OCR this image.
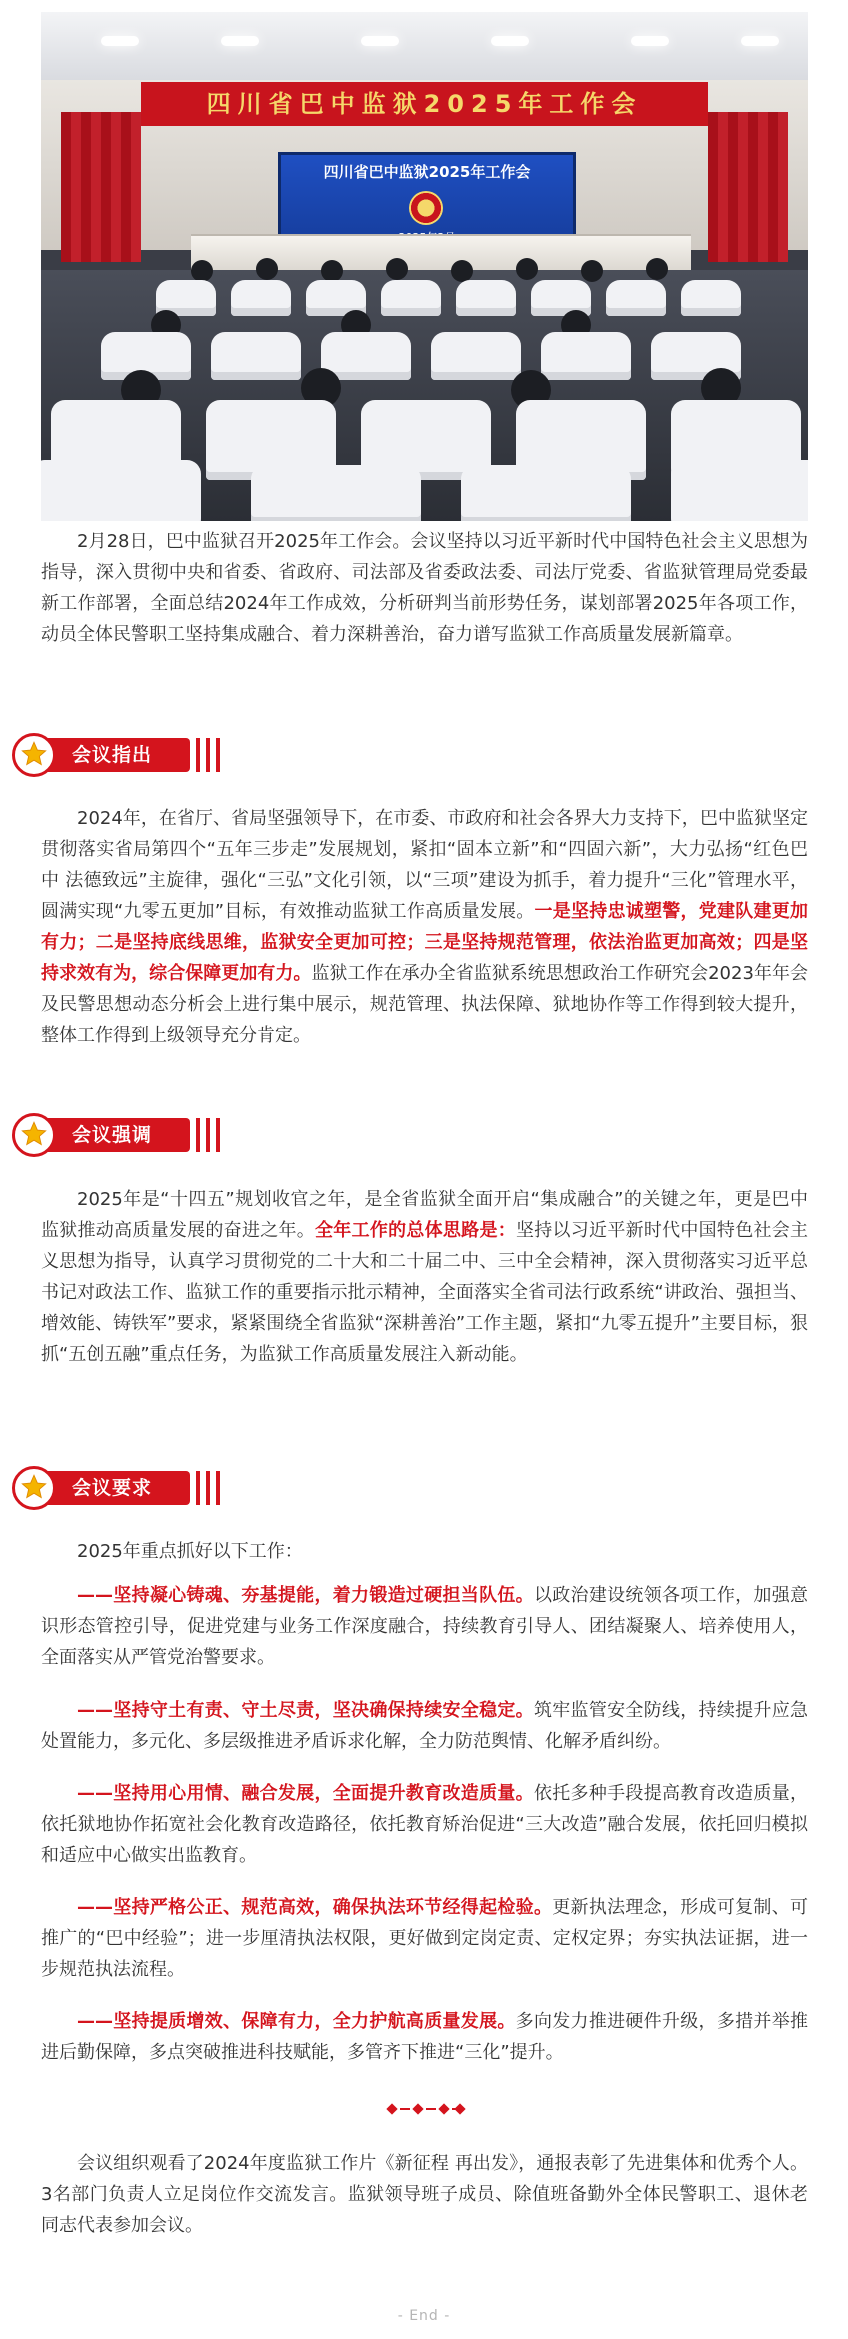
四川省巴中监狱2025年工作会
四川省巴中监狱2025年工作会

2月28日，巴中监狱召开2025年工作会。会议坚持以习近平新时代中国特色社会主义思想为指导，深入贯彻中央和省委、省政府、司法部及省委政法委、司法厅党委、省监狱管理局党委最新工作部署，全面总结2024年工作成效，分析研判当前形势任务，谋划部署2025年各项工作，动员全体民警职工坚持集成融合、着力深耕善治，奋力谱写监狱工作高质量发展新篇章。

会议指出

2024年，在省厅、省局坚强领导下，在市委、市政府和社会各界大力支持下，巴中监狱坚定贯彻落实省局第四个“五年三步走”发展规划，紧扣“固本立新”和“四固六新”，大力弘扬“红色巴中 法德致远”主旋律，强化“三弘”文化引领，以“三项”建设为抓手，着力提升“三化”管理水平，圆满实现“九零五更加”目标，有效推动监狱工作高质量发展。一是坚持忠诚塑警，党建队建更加有力；二是坚持底线思维，监狱安全更加可控；三是坚持规范管理，依法治监更加高效；四是坚持求效有为，综合保障更加有力。监狱工作在承办全省监狱系统思想政治工作研究会2023年年会及民警思想动态分析会上进行集中展示，规范管理、执法保障、狱地协作等工作得到较大提升，整体工作得到上级领导充分肯定。

会议强调

2025年是“十四五”规划收官之年，是全省监狱全面开启“集成融合”的关键之年，更是巴中监狱推动高质量发展的奋进之年。全年工作的总体思路是：坚持以习近平新时代中国特色社会主义思想为指导，认真学习贯彻党的二十大和二十届二中、三中全会精神，深入贯彻落实习近平总书记对政法工作、监狱工作的重要指示批示精神，全面落实全省司法行政系统“讲政治、强担当、增效能、铸铁军”要求，紧紧围绕全省监狱“深耕善治”工作主题，紧扣“九零五提升”主要目标，狠抓“五创五融”重点任务，为监狱工作高质量发展注入新动能。

会议要求

2025年重点抓好以下工作：

——坚持凝心铸魂、夯基提能，着力锻造过硬担当队伍。以政治建设统领各项工作，加强意识形态管控引导，促进党建与业务工作深度融合，持续教育引导人、团结凝聚人、培养使用人，全面落实从严管党治警要求。

——坚持守土有责、守土尽责，坚决确保持续安全稳定。筑牢监管安全防线，持续提升应急处置能力，多元化、多层级推进矛盾诉求化解，全力防范舆情、化解矛盾纠纷。

——坚持用心用情、融合发展，全面提升教育改造质量。依托多种手段提高教育改造质量，依托狱地协作拓宽社会化教育改造路径，依托教育矫治促进“三大改造”融合发展，依托回归模拟和适应中心做实出监教育。

——坚持严格公正、规范高效，确保执法环节经得起检验。更新执法理念，形成可复制、可推广的“巴中经验”；进一步厘清执法权限，更好做到定岗定责、定权定界；夯实执法证据，进一步规范执法流程。

——坚持提质增效、保障有力，全力护航高质量发展。多向发力推进硬件升级，多措并举推进后勤保障，多点突破推进科技赋能，多管齐下推进“三化”提升。

会议组织观看了2024年度监狱工作片《新征程 再出发》，通报表彰了先进集体和优秀个人。3名部门负责人立足岗位作交流发言。监狱领导班子成员、除值班备勤外全体民警职工、退休老同志代表参加会议。

- End -
